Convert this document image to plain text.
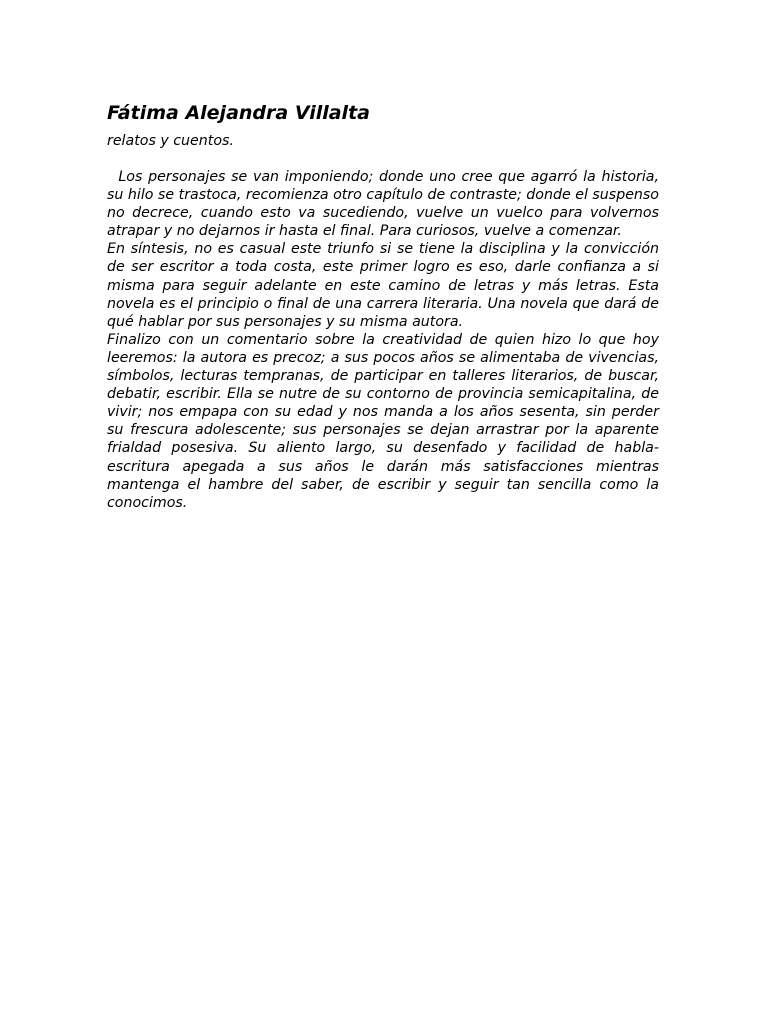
Fátima Alejandra Villalta
relatos y cuentos.

Los personajes se van imponiendo; donde uno cree que agarró la historia, su hilo se trastoca, recomienza otro capítulo de contraste; donde el suspenso no decrece, cuando esto va sucediendo, vuelve un vuelco para volvernos atrapar y no dejarnos ir hasta el final. Para curiosos, vuelve a comenzar.

En síntesis, no es casual este triunfo si se tiene la disciplina y la convicción de ser escritor a toda costa, este primer logro es eso, darle confianza a si misma para seguir adelante en este camino de letras y más letras. Esta novela es el principio o final de una carrera literaria. Una novela que dará de qué hablar por sus personajes y su misma autora.

Finalizo con un comentario sobre la creatividad de quien hizo lo que hoy leeremos: la autora es precoz; a sus pocos años se alimentaba de vivencias, símbolos, lecturas tempranas, de participar en talleres literarios, de buscar, debatir, escribir. Ella se nutre de su contorno de provincia semicapitalina, de vivir; nos empapa con su edad y nos manda a los años sesenta, sin perder su frescura adolescente; sus personajes se dejan arrastrar por la aparente frialdad posesiva. Su aliento largo, su desenfado y facilidad de habla-escritura apegada a sus años le darán más satisfacciones mientras mantenga el hambre del saber, de escribir y seguir tan sencilla como la conocimos.
